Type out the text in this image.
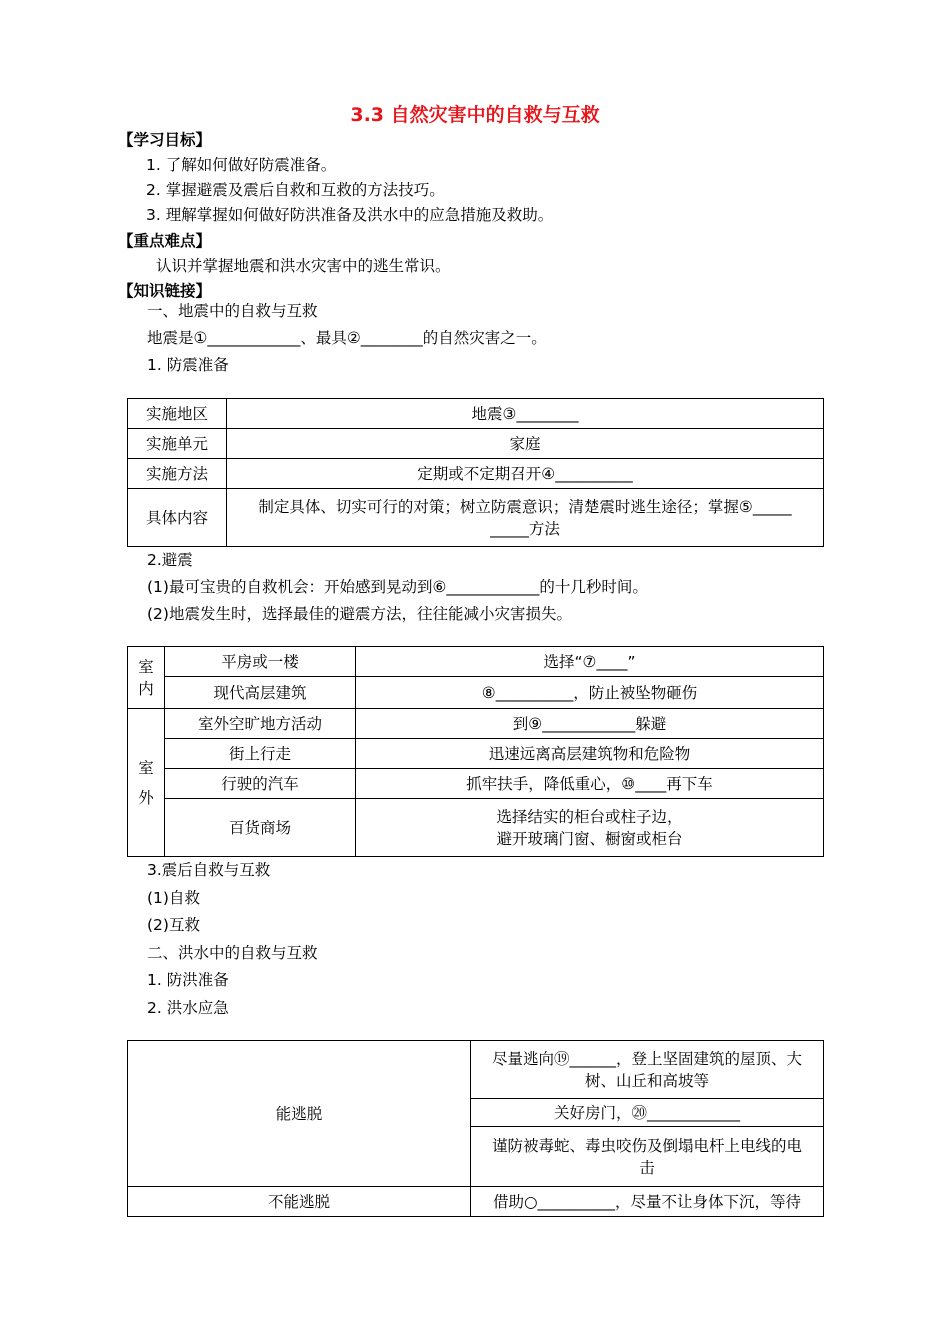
3.3 自然灾害中的自救与互救
【学习目标】
1. 了解如何做好防震准备。
2. 掌握避震及震后自救和互救的方法技巧。
3. 理解掌握如何做好防洪准备及洪水中的应急措施及救助。
【重点难点】
认识并掌握地震和洪水灾害中的逃生常识。
【知识链接】
一、地震中的自救与互救
地震是①____________、最具②________的自然灾害之一。
1. 防震准备
实施地区	地震③________
实施单元	家庭
实施方法	定期或不定期召开④__________
具体内容	制定具体、切实可行的对策；树立防震意识；清楚震时逃生途径；掌握⑤_____
_____方法
2.避震
(1)最可宝贵的自救机会：开始感到晃动到⑥____________的十几秒时间。
(2)地震发生时，选择最佳的避震方法，往往能减小灾害损失。
室
内	平房或一楼	选择“⑦____”
	现代高层建筑	⑧__________，防止被坠物砸伤

室
外	室外空旷地方活动	到⑨____________躲避
	街上行走	迅速远离高层建筑物和危险物
	行驶的汽车	抓牢扶手，降低重心，⑩____再下车
	百货商场	选择结实的柜台或柱子边，
避开玻璃门窗、橱窗或柜台
3.震后自救与互救
(1)自救
(2)互救
二、洪水中的自救与互救
1. 防洪准备
2. 洪水应急
能逃脱	尽量逃向⑲______，登上坚固建筑的屋顶、大
树、山丘和高坡等

	关好房门，⑳____________

	谨防被毒蛇、毒虫咬伤及倒塌电杆上电线的电
击

不能逃脱	借助○__________，尽量不让身体下沉，等待
